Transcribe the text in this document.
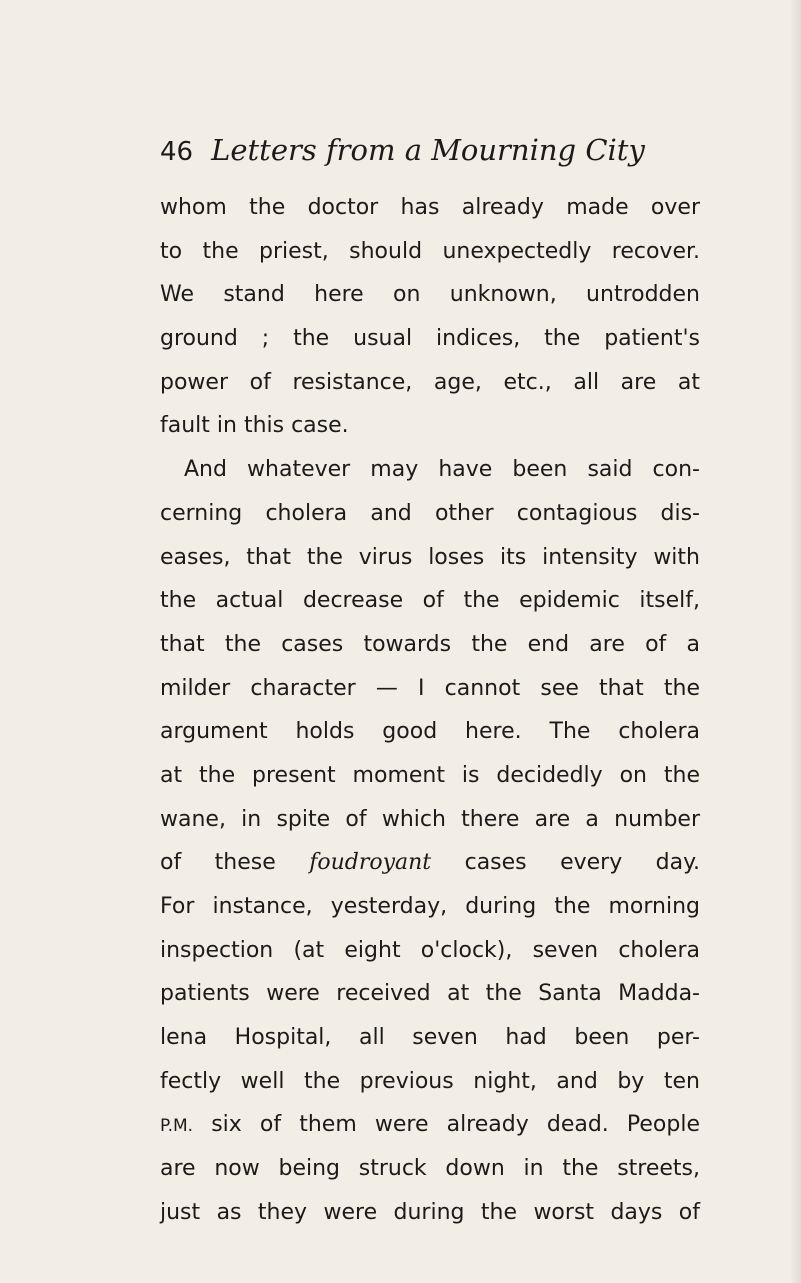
46 Letters from a Mourning City
whom the doctor has already made over
to the priest, should unexpectedly recover.
We stand here on unknown, untrodden
ground ; the usual indices, the patient's
power of resistance, age, etc., all are at
fault in this case.
And whatever may have been said con-
cerning cholera and other contagious dis-
eases, that the virus loses its intensity with
the actual decrease of the epidemic itself,
that the cases towards the end are of a
milder character — I cannot see that the
argument holds good here. The cholera
at the present moment is decidedly on the
wane, in spite of which there are a number
of these foudroyant cases every day.
For instance, yesterday, during the morning
inspection (at eight o'clock), seven cholera
patients were received at the Santa Madda-
lena Hospital, all seven had been per-
fectly well the previous night, and by ten
P.M. six of them were already dead. People
are now being struck down in the streets,
just as they were during the worst days of
